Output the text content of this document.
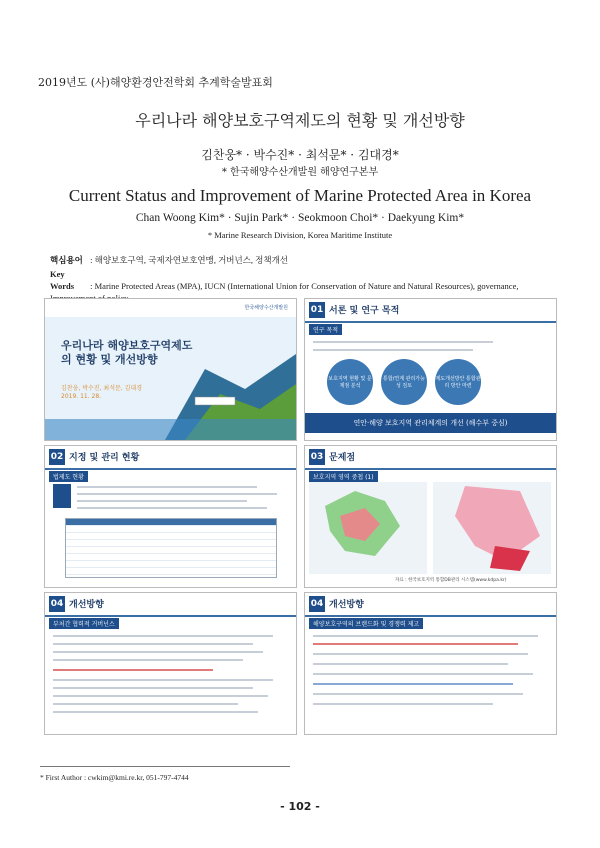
2019년도 (사)해양환경안전학회 추계학술발표회
우리나라 해양보호구역제도의 현황 및 개선방향
김찬웅* · 박수진* · 최석문* · 김대경*
* 한국해양수산개발원 해양연구본부
Current Status and Improvement of Marine Protected Area in Korea
Chan Woong Kim* · Sujin Park* · Seokmoon Choi* · Daekyung Kim*
* Marine Research Division, Korea Maritime Institute
핵심용어 : 해양보호구역, 국제자연보호연맹, 거버넌스, 정책개선
Key Words : Marine Protected Areas (MPA), IUCN (International Union for Conservation of Nature and Natural Resources), governance,
우리나라 해양보호구역제도의 현황 및 개선방향
김찬웅, 박수진, 최석문, 김대경
2019. 11. 28.
한국해양수산개발원	01 서론 및 연구 목적
연구 목적
보호지역 현황 및 문제점 분석
통합/연계 관리가능성 검토
제도개선방안 통합관리 방안 마련
연안·해양 보호지역 관리체계의 개선 (해수부 중심)
02 지정 및 관리 현황
법제도 현황
03 문제점
보호지역 영역 중첩 (1)
자료 : 한국보호지역 통합DB관리 시스템(www.kdpa.kr)
04 개선방향
부처간 협력적 거버넌스
04 개선방향
해양보호구역의 브랜드화 및 경쟁력 제고
* First Author : cwkim@kmi.re.kr, 051-797-4744
- 102 -
